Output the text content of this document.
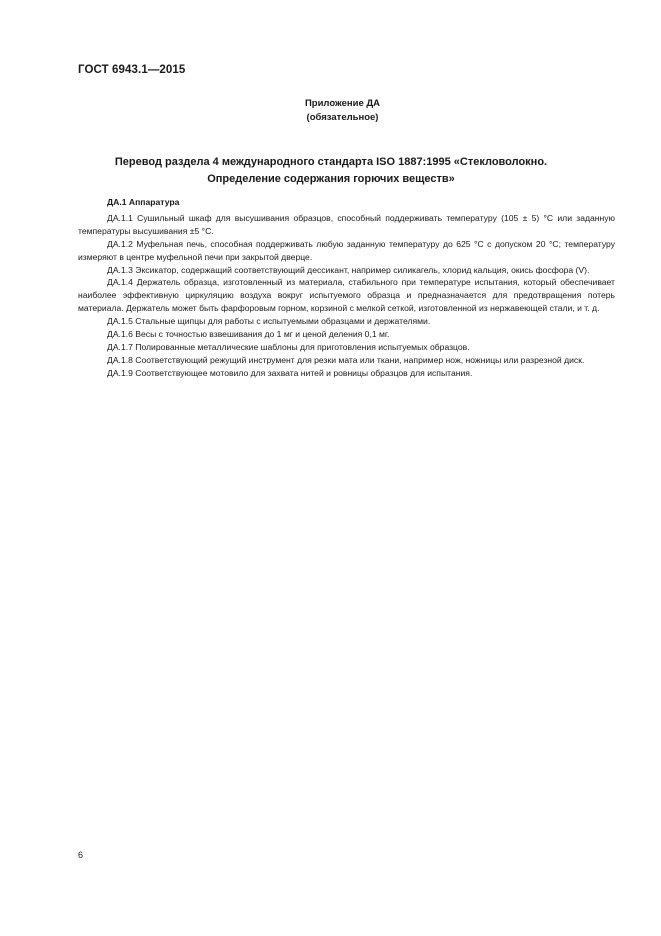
ГОСТ 6943.1—2015
Приложение ДА
(обязательное)
Перевод раздела 4 международного стандарта ISO 1887:1995 «Стекловолокно.
Определение содержания горючих веществ»
ДА.1 Аппаратура

ДА.1.1 Сушильный шкаф для высушивания образцов, способный поддерживать температуру (105 ± 5) °С или заданную температуры высушивания ±5 °С.

ДА.1.2 Муфельная печь, способная поддерживать любую заданную температуру до 625 °С с допуском 20 °С; температуру измеряют в центре муфельной печи при закрытой дверце.

ДА.1.3 Эксикатор, содержащий соответствующий дессикант, например силикагель, хлорид кальция, окись фосфора (V).

ДА.1.4 Держатель образца, изготовленный из материала, стабильного при температуре испытания, который обеспечивает наиболее эффективную циркуляцию воздуха вокруг испытуемого образца и предназначается для предотвращения потерь материала. Держатель может быть фарфоровым горном, корзиной с мелкой сеткой, изготовленной из нержавеющей стали, и т. д.

ДА.1.5 Стальные щипцы для работы с испытуемыми образцами и держателями.

ДА.1.6 Весы с точностью взвешивания до 1 мг и ценой деления 0,1 мг.

ДА.1.7 Полированные металлические шаблоны для приготовления испытуемых образцов.

ДА.1.8 Соответствующий режущий инструмент для резки мата или ткани, например нож, ножницы или разрезной диск.

ДА.1.9 Соответствующее мотовило для захвата нитей и ровницы образцов для испытания.

6
